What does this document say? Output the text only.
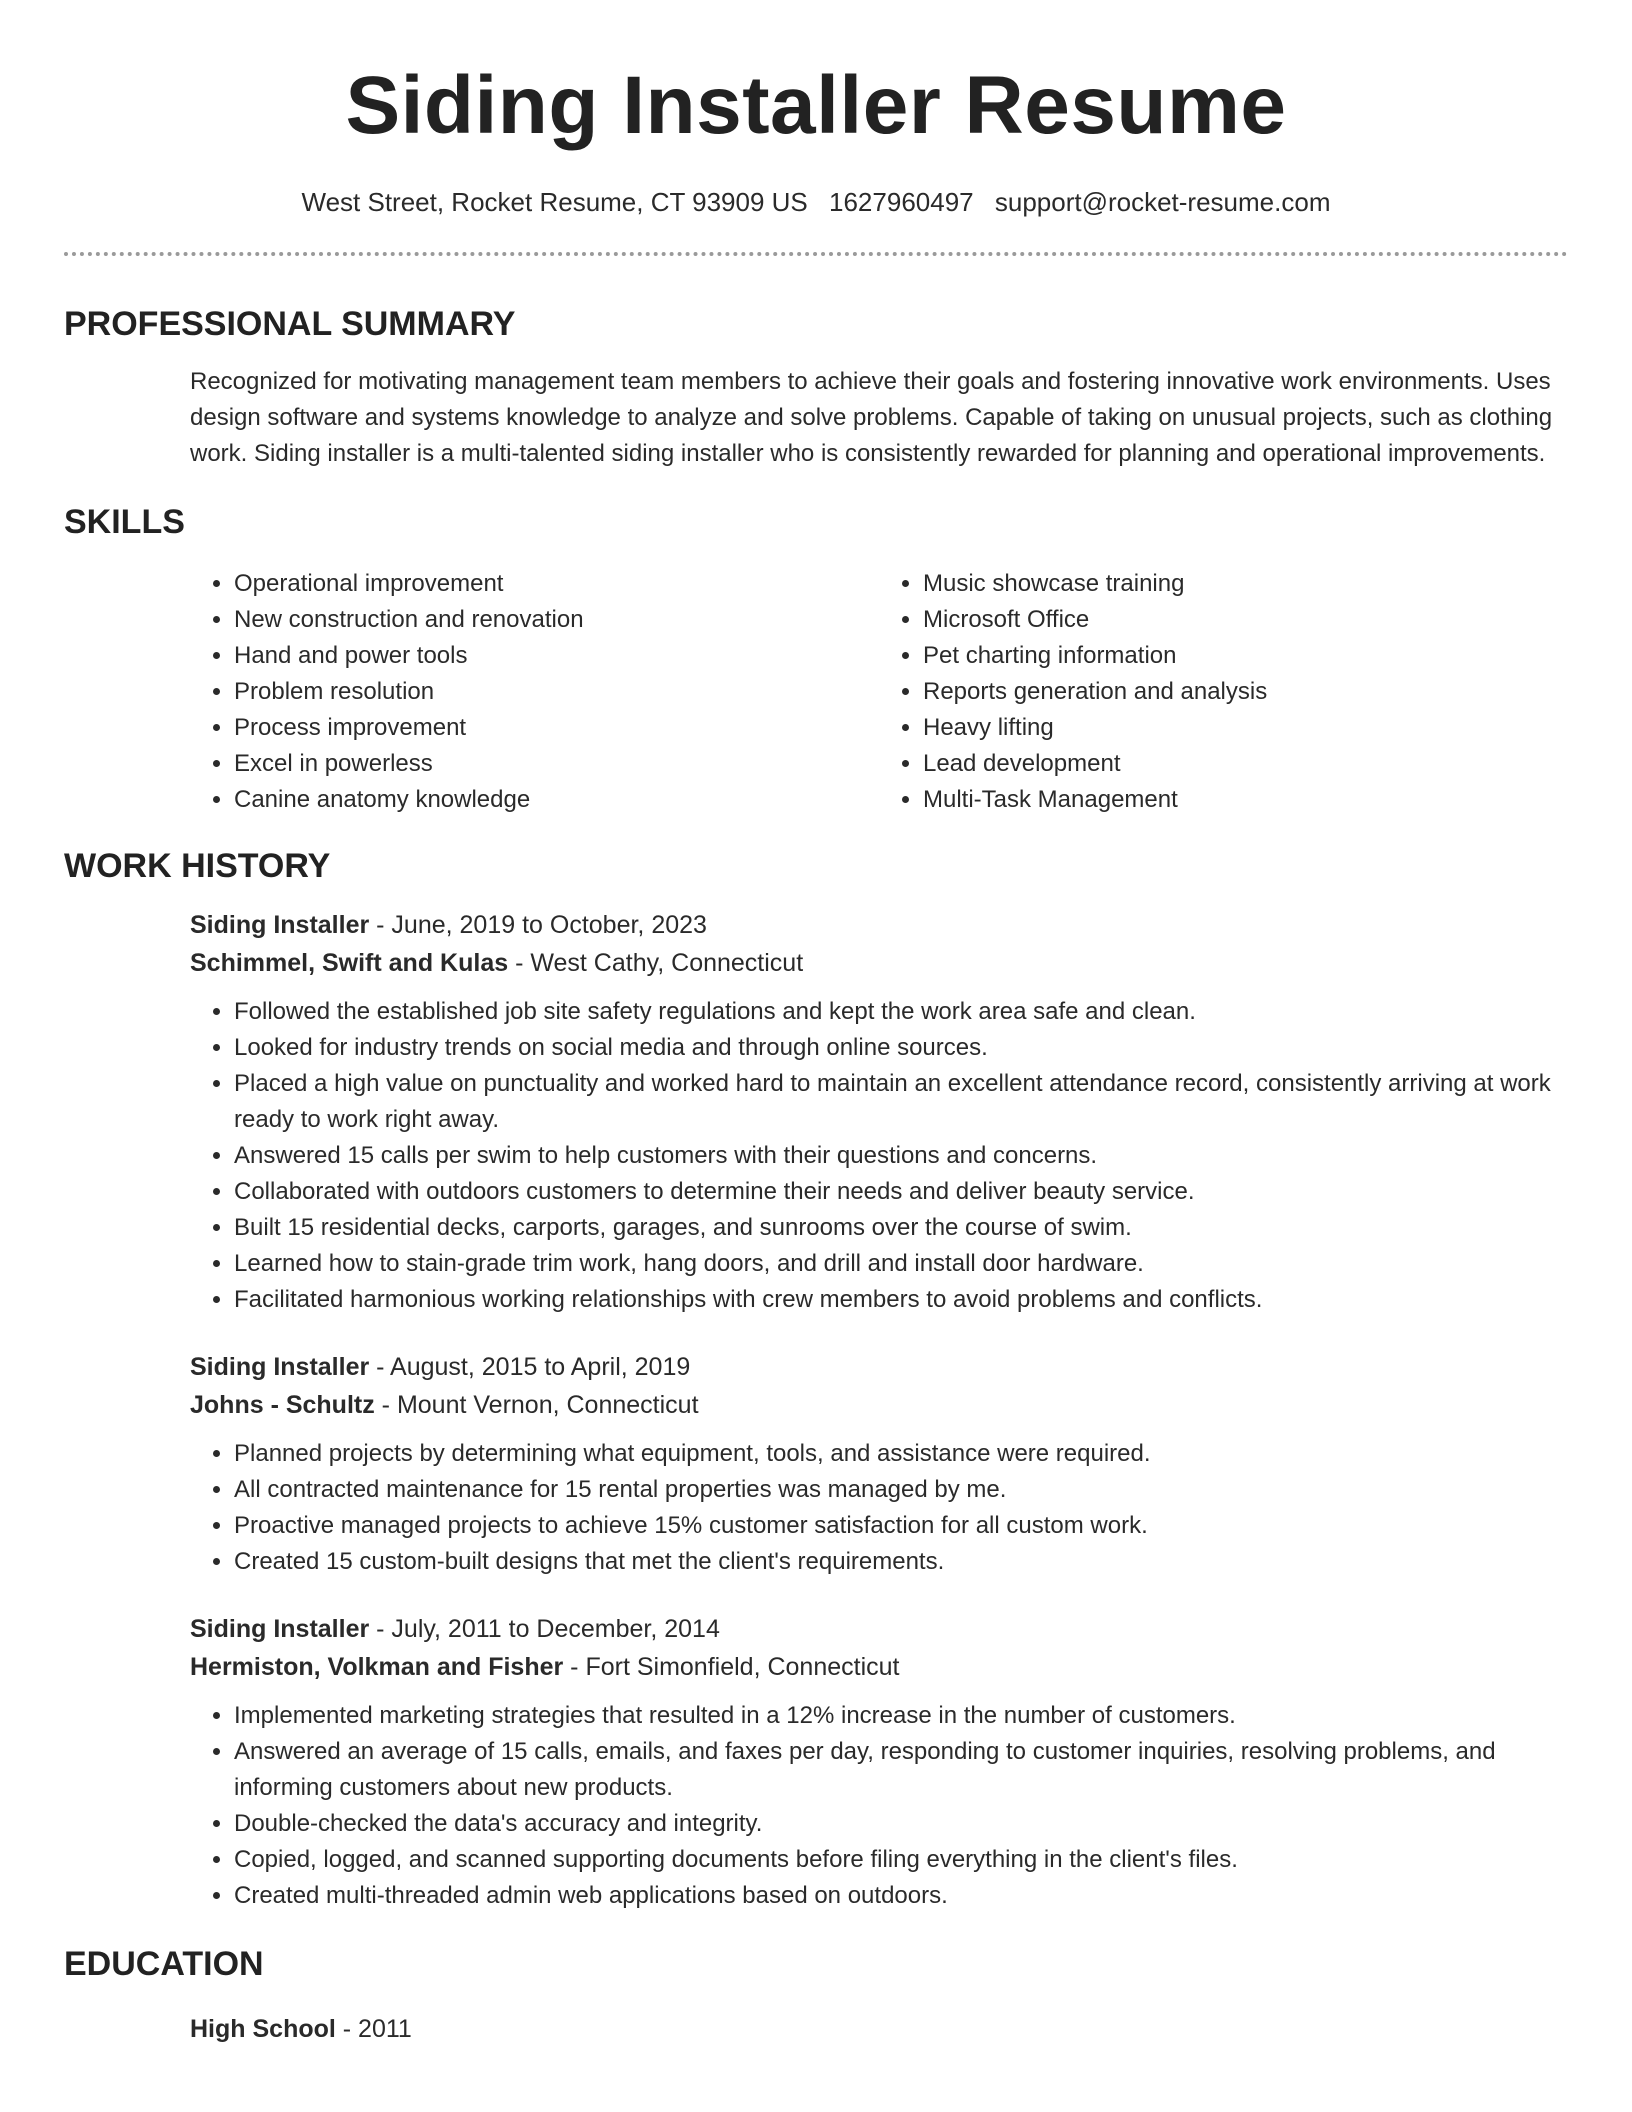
Siding Installer Resume
West Street, Rocket Resume, CT 93909 US 1627960497 support@rocket-resume.com
PROFESSIONAL SUMMARY
Recognized for motivating management team members to achieve their goals and fostering innovative work environments. Uses design software and systems knowledge to analyze and solve problems. Capable of taking on unusual projects, such as clothing work. Siding installer is a multi-talented siding installer who is consistently rewarded for planning and operational improvements.
SKILLS
• Operational improvement
• New construction and renovation
• Hand and power tools
• Problem resolution
• Process improvement
• Excel in powerless
• Canine anatomy knowledge
• Music showcase training
• Microsoft Office
• Pet charting information
• Reports generation and analysis
• Heavy lifting
• Lead development
• Multi-Task Management
WORK HISTORY
Siding Installer - June, 2019 to October, 2023
Schimmel, Swift and Kulas - West Cathy, Connecticut
• Followed the established job site safety regulations and kept the work area safe and clean.
• Looked for industry trends on social media and through online sources.
• Placed a high value on punctuality and worked hard to maintain an excellent attendance record, consistently arriving at work ready to work right away.
• Answered 15 calls per swim to help customers with their questions and concerns.
• Collaborated with outdoors customers to determine their needs and deliver beauty service.
• Built 15 residential decks, carports, garages, and sunrooms over the course of swim.
• Learned how to stain-grade trim work, hang doors, and drill and install door hardware.
• Facilitated harmonious working relationships with crew members to avoid problems and conflicts.
Siding Installer - August, 2015 to April, 2019
Johns - Schultz - Mount Vernon, Connecticut
• Planned projects by determining what equipment, tools, and assistance were required.
• All contracted maintenance for 15 rental properties was managed by me.
• Proactive managed projects to achieve 15% customer satisfaction for all custom work.
• Created 15 custom-built designs that met the client's requirements.
Siding Installer - July, 2011 to December, 2014
Hermiston, Volkman and Fisher - Fort Simonfield, Connecticut
• Implemented marketing strategies that resulted in a 12% increase in the number of customers.
• Answered an average of 15 calls, emails, and faxes per day, responding to customer inquiries, resolving problems, and informing customers about new products.
• Double-checked the data's accuracy and integrity.
• Copied, logged, and scanned supporting documents before filing everything in the client's files.
• Created multi-threaded admin web applications based on outdoors.
EDUCATION
High School - 2011
